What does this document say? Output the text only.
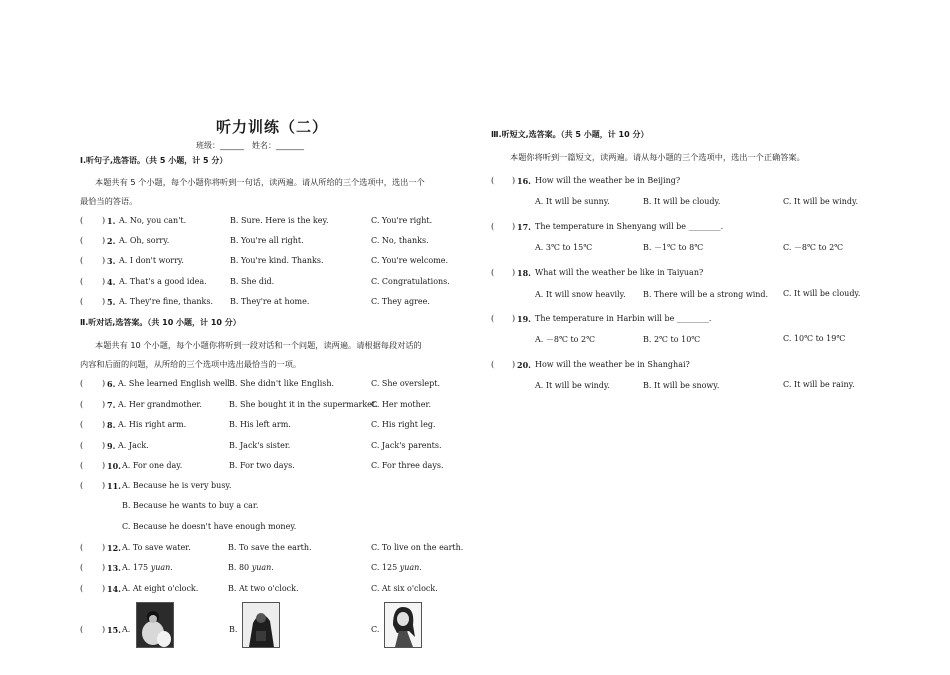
听力训练（二）
班级：______　姓名：_______
Ⅰ.听句子,选答语。（共 5 小题，计 5 分）
本题共有 5 个小题，每个小题你将听到一句话，读两遍。请从所给的三个选项中，选出一个
最恰当的答语。
( ) 1. A. No, you can't.	B. Sure. Here is the key.	C. You're right.
( ) 2. A. Oh, sorry.	B. You're all right.	C. No, thanks.
( ) 3. A. I don't worry.	B. You're kind. Thanks.	C. You're welcome.
( ) 4. A. That's a good idea.	B. She did.	C. Congratulations.
( ) 5. A. They're fine, thanks. B. They're at home.	C. They agree.
Ⅱ.听对话,选答案。（共 10 小题，计 10 分）
本题共有 10 个小题，每个小题你将听到一段对话和一个问题，读两遍。请根据每段对话的
内容和后面的问题，从所给的三个选项中选出最恰当的一项。
( ) 6. A. She learned English well.
B. She didn't like English.	C. She overslept.
( ) 7. A. Her grandmother.	B. She bought it in the supermarket.
C. Her mother.
( ) 8. A. His right arm.	B. His left arm.	C. His right leg.
( ) 9. A. Jack.	B. Jack's sister.	C. Jack's parents.
( ) 10. A. For one day.	B. For two days.	C. For three days.
( ) 11. A. Because he is very busy.
B. Because he wants to buy a car.
C. Because he doesn't have enough money.
( ) 12. A. To save water.	B. To save the earth.	C. To live on the earth.
( ) 13. A. 175 yuan.	B. 80 yuan.	C. 125 yuan.
( ) 14. A. At eight o'clock.	B. At two o'clock.	C. At six o'clock.
( ) 15. A.	B.	C.
Ⅲ.听短文,选答案。（共 5 小题，计 10 分）
本题你将听到一篇短文，读两遍。请从每小题的三个选项中，选出一个正确答案。
( ) 16. How will the weather be in Beijing?
A. It will be sunny.	B. It will be cloudy.	C. It will be windy.
( ) 17. The temperature in Shenyang will be ________.
A. 3℃ to 15℃	B. －1℃ to 8℃	C. －8℃ to 2℃
( ) 18. What will the weather be like in Taiyuan?
A. It will snow heavily. B. There will be a strong wind. C. It will be cloudy.
( ) 19. The temperature in Harbin will be ________.
A. －8℃ to 2℃	B. 2℃ to 10℃	C. 10℃ to 19℃
( ) 20. How will the weather be in Shanghai?
A. It will be windy.	B. It will be snowy.	C. It will be rainy.
